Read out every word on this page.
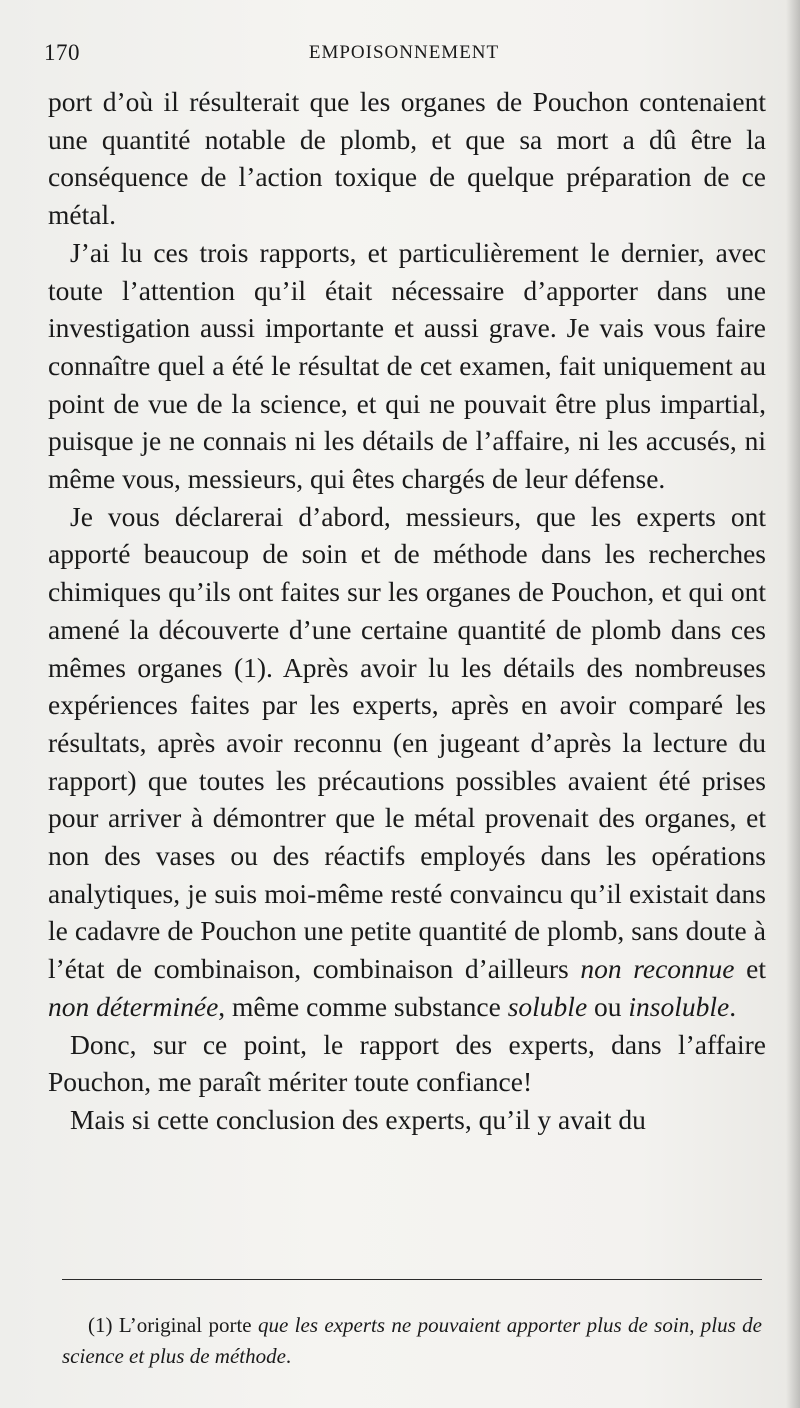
170	EMPOISONNEMENT

port d’où il résulterait que les organes de Pouchon contenaient une quantité notable de plomb, et que sa mort a dû être la conséquence de l’action toxique de quelque préparation de ce métal.

J’ai lu ces trois rapports, et particulièrement le dernier, avec toute l’attention qu’il était nécessaire d’apporter dans une investigation aussi importante et aussi grave. Je vais vous faire connaître quel a été le résultat de cet examen, fait uniquement au point de vue de la science, et qui ne pouvait être plus impartial, puisque je ne connais ni les détails de l’affaire, ni les accusés, ni même vous, messieurs, qui êtes chargés de leur défense.

Je vous déclarerai d’abord, messieurs, que les experts ont apporté beaucoup de soin et de méthode dans les recherches chimiques qu’ils ont faites sur les organes de Pouchon, et qui ont amené la découverte d’une certaine quantité de plomb dans ces mêmes organes (1). Après avoir lu les détails des nombreuses expériences faites par les experts, après en avoir comparé les résultats, après avoir reconnu (en jugeant d’après la lecture du rapport) que toutes les précautions possibles avaient été prises pour arriver à démontrer que le métal provenait des organes, et non des vases ou des réactifs employés dans les opérations analytiques, je suis moi-même resté convaincu qu’il existait dans le cadavre de Pouchon une petite quantité de plomb, sans doute à l’état de combinaison, combinaison d’ailleurs non reconnue et non déterminée, même comme substance soluble ou insoluble.

Donc, sur ce point, le rapport des experts, dans l’affaire Pouchon, me paraît mériter toute confiance!

Mais si cette conclusion des experts, qu’il y avait du

(1) L’original porte que les experts ne pouvaient apporter plus de soin, plus de science et plus de méthode.
